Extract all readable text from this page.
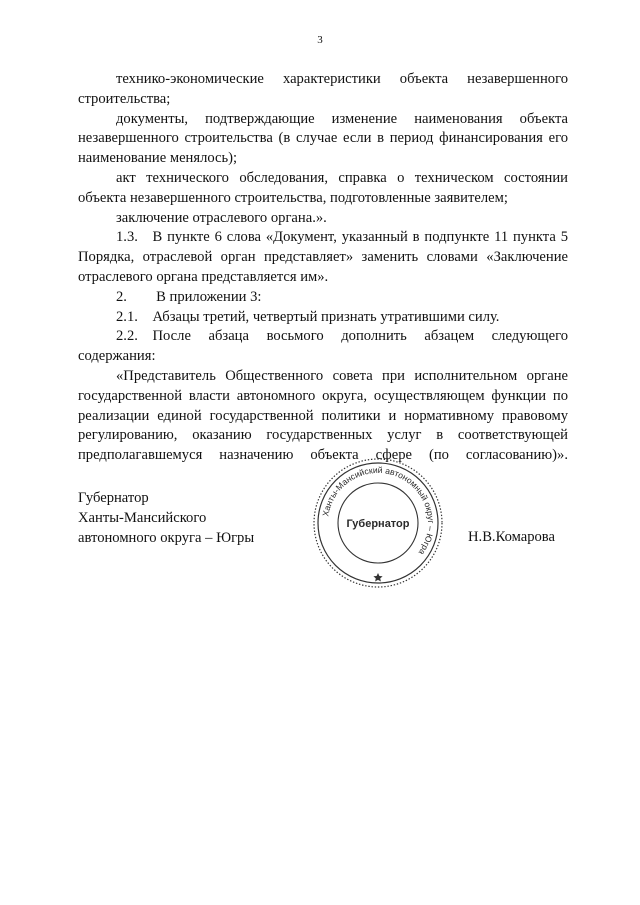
3

технико-экономические характеристики объекта незавершенного строительства;

документы, подтверждающие изменение наименования объекта незавершенного строительства (в случае если в период финансирования его наименование менялось);

акт технического обследования, справка о техническом состоянии объекта незавершенного строительства, подготовленные заявителем;

заключение отраслевого органа.».

1.3. В пункте 6 слова «Документ, указанный в подпункте 11 пункта 5 Порядка, отраслевой орган представляет» заменить словами «Заключение отраслевого органа представляется им».

2.  В приложении 3:

2.1. Абзацы третий, четвертый признать утратившими силу.

2.2. После абзаца восьмого дополнить абзацем следующего содержания:

«Представитель Общественного совета при исполнительном органе государственной власти автономного округа, осуществляющем функции по реализации единой государственной политики и нормативному правовому регулированию, оказанию государственных услуг в соответствующей предполагавшемуся назначению объекта сфере (по согласованию)».

Губернатор
Ханты-Мансийского
автономного округа – Югры
Ханты-Мансийский автономный округ – Югра
Губернатор
Н.В.Комарова
